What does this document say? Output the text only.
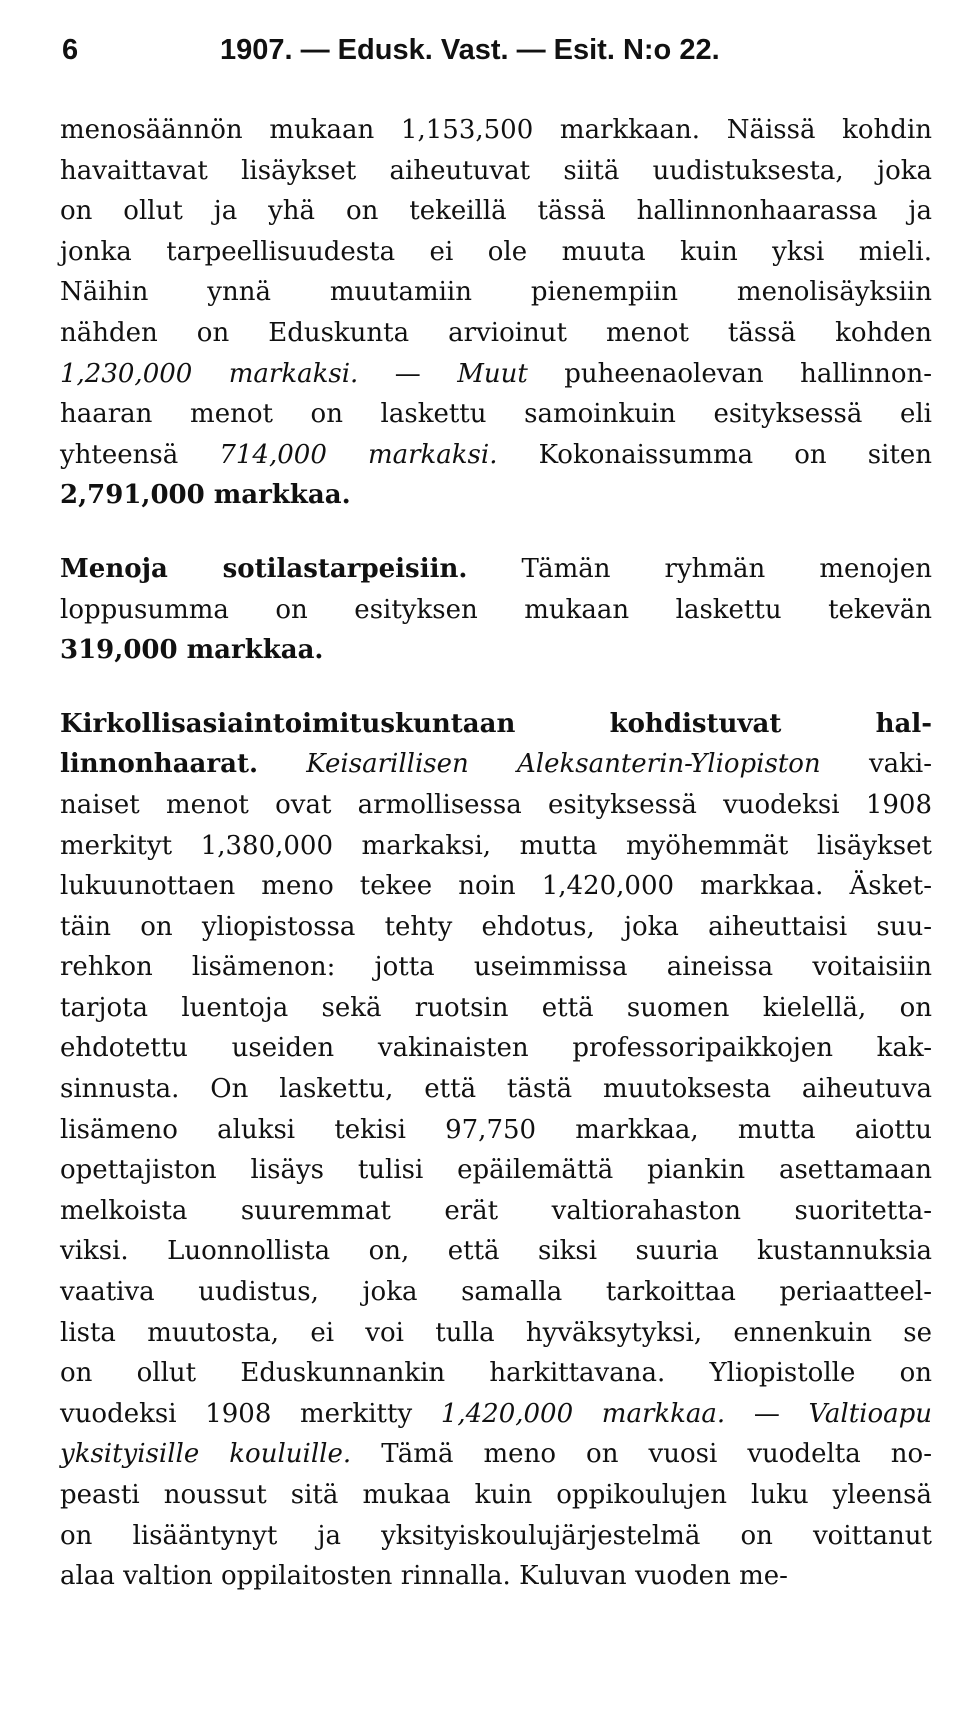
6	1907. — Edusk. Vast. — Esit. N:o 22.
menosäännön mukaan 1,153,500 markkaan. Näissä kohdin
havaittavat lisäykset aiheutuvat siitä uudistuksesta, joka
on ollut ja yhä on tekeillä tässä hallinnonhaarassa ja
jonka tarpeellisuudesta ei ole muuta kuin yksi mieli.
Näihin ynnä muutamiin pienempiin menolisäyksiin
nähden on Eduskunta arvioinut menot tässä kohden
1,230,000 markaksi. — Muut puheenaolevan hallinnon-
haaran menot on laskettu samoinkuin esityksessä eli
yhteensä 714,000 markaksi. Kokonaissumma on siten
2,791,000 markkaa.
Menoja sotilastarpeisiin. Tämän ryhmän menojen
loppusumma on esityksen mukaan laskettu tekevän
319,000 markkaa.
Kirkollisasiaintoimituskuntaan kohdistuvat hal-
linnonhaarat. Keisarillisen Aleksanterin-Yliopiston vaki-
naiset menot ovat armollisessa esityksessä vuodeksi 1908
merkityt 1,380,000 markaksi, mutta myöhemmät lisäykset
lukuunottaen meno tekee noin 1,420,000 markkaa. Äsket-
täin on yliopistossa tehty ehdotus, joka aiheuttaisi suu-
rehkon lisämenon: jotta useimmissa aineissa voitaisiin
tarjota luentoja sekä ruotsin että suomen kielellä, on
ehdotettu useiden vakinaisten professoripaikkojen kak-
sinnusta. On laskettu, että tästä muutoksesta aiheutuva
lisämeno aluksi tekisi 97,750 markkaa, mutta aiottu
opettajiston lisäys tulisi epäilemättä piankin asettamaan
melkoista suuremmat erät valtiorahaston suoritetta-
viksi. Luonnollista on, että siksi suuria kustannuksia
vaativa uudistus, joka samalla tarkoittaa periaatteel-
lista muutosta, ei voi tulla hyväksytyksi, ennenkuin se
on ollut Eduskunnankin harkittavana. Yliopistolle on
vuodeksi 1908 merkitty 1,420,000 markkaa. — Valtioapu
yksityisille kouluille. Tämä meno on vuosi vuodelta no-
peasti noussut sitä mukaa kuin oppikoulujen luku yleensä
on lisääntynyt ja yksityiskoulujärjestelmä on voittanut
alaa valtion oppilaitosten rinnalla. Kuluvan vuoden me-
